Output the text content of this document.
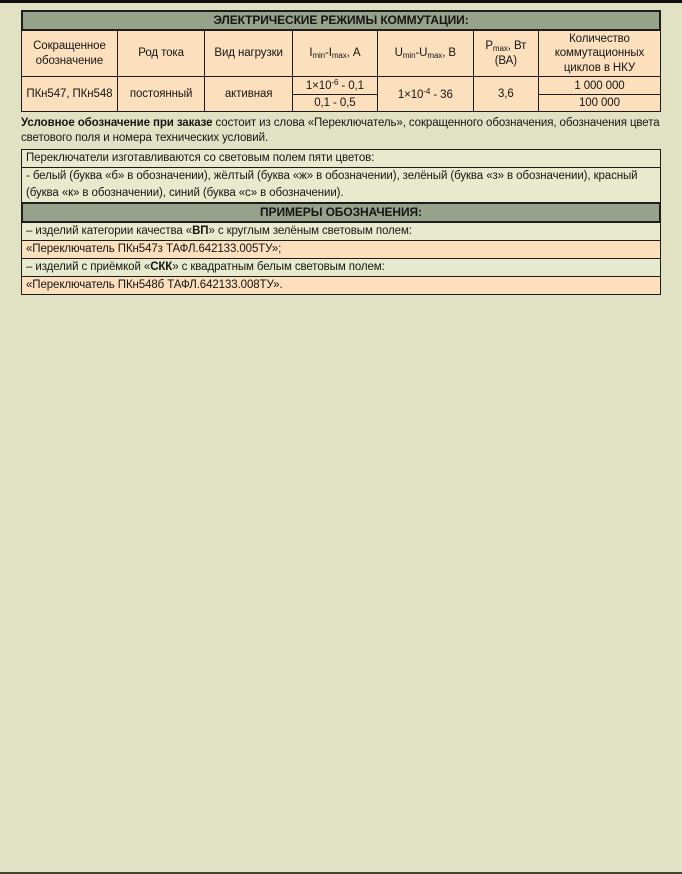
ЭЛЕКТРИЧЕСКИЕ РЕЖИМЫ КОММУТАЦИИ:
Сокращенное обозначение	Род тока	Вид нагрузки	$I_{min}-I_{max}$, А	$U_{min}-U_{max}$, В	$P_{max}$, Вт (ВА)	Количество коммутационных циклов в НКУ
ПКн547, ПКн548	постоянный	активная	$1\times 10^{-6} - 0,1$	$1\times 10^{-4} - 36$	3,6	1 000 000
			0,1 - 0,5			100 000
Условное обозначение при заказе состоит из слова «Переключатель», сокращенного обозначения, обозначения цвета светового поля и номера технических условий.
Переключатели изготавливаются со световым полем пяти цветов:
- белый (буква «б» в обозначении), жёлтый (буква «ж» в обозначении), зелёный (буква «з» в обозначении), красный (буква «к» в обозначении), синий (буква «с» в обозначении).
ПРИМЕРЫ ОБОЗНАЧЕНИЯ:
– изделий категории качества «ВП» с круглым зелёным световым полем:
«Переключатель ПКн547з ТАФЛ.642133.005ТУ»;
– изделий с приёмкой «СКК» с квадратным белым световым полем:
«Переключатель ПКн548б ТАФЛ.642133.008ТУ».
